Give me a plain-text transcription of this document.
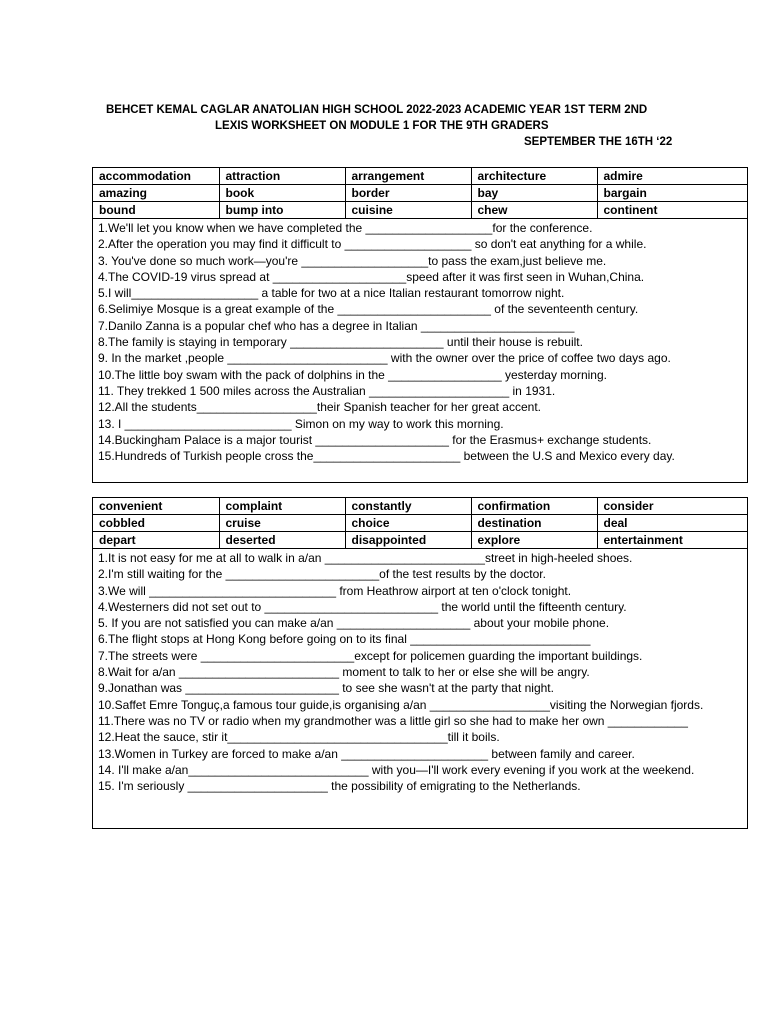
BEHCET KEMAL CAGLAR ANATOLIAN HIGH SCHOOL 2022-2023 ACADEMIC YEAR 1ST TERM 2ND
LEXIS WORKSHEET ON MODULE 1 FOR THE 9TH GRADERS
SEPTEMBER THE 16TH ‘22
accommodation	attraction	arrangement	architecture	admire
amazing	book	border	bay	bargain
bound	bump into	cuisine	chew	continent
1.We'll let you know when we have completed the ___________________for the conference.
2.After the operation you may find it difficult to ___________________ so don't eat anything for a while.
3. You've done so much work—you're ___________________to pass the exam,just believe me.
4.The COVID-19 virus spread at ____________________speed after it was first seen in Wuhan,China.
5.I will___________________ a table for two at a nice Italian restaurant tomorrow night.
6.Selimiye Mosque is a great example of the _______________________ of the seventeenth century.
7.Danilo Zanna is a popular chef who has a degree in Italian _______________________
8.The family is staying in temporary _______________________ until their house is rebuilt.
9. In the market ,people ________________________ with the owner over the price of coffee two days ago.
10.The little boy swam with the pack of dolphins in the _________________ yesterday morning.
11. They trekked 1 500 miles across the Australian _____________________ in 1931.
12.All the students__________________their Spanish teacher for her great accent.
13. I _________________________ Simon on my way to work this morning.
14.Buckingham Palace is a major tourist ____________________ for the Erasmus+ exchange students.
15.Hundreds of Turkish people cross the______________________ between the U.S and Mexico every day.
convenient	complaint	constantly	confirmation	consider
cobbled	cruise	choice	destination	deal
depart	deserted	disappointed	explore	entertainment
1.It is not easy for me at all to walk in a/an ________________________street in high-heeled shoes.
2.I'm still waiting for the _______________________of the test results by the doctor.
3.We will ____________________________ from Heathrow airport at ten o'clock tonight.
4.Westerners did not set out to __________________________ the world until the fifteenth century.
5. If you are not satisfied you can make a/an ____________________ about your mobile phone.
6.The flight stops at Hong Kong before going on to its final ___________________________
7.The streets were _______________________except for policemen guarding the important buildings.
8.Wait for a/an ________________________ moment to talk to her or else she will be angry.
9.Jonathan was _______________________ to see she wasn't at the party that night.
10.Saffet Emre Tonguç,a famous tour guide,is organising a/an __________________visiting the Norwegian fjords.
11.There was no TV or radio when my grandmother was a little girl so she had to make her own ____________
12.Heat the sauce, stir it_________________________________till it boils.
13.Women in Turkey are forced to make a/an ______________________ between family and career.
14. I'll make a/an___________________________ with you—I'll work every evening if you work at the weekend.
15. I'm seriously _____________________ the possibility of emigrating to the Netherlands.
